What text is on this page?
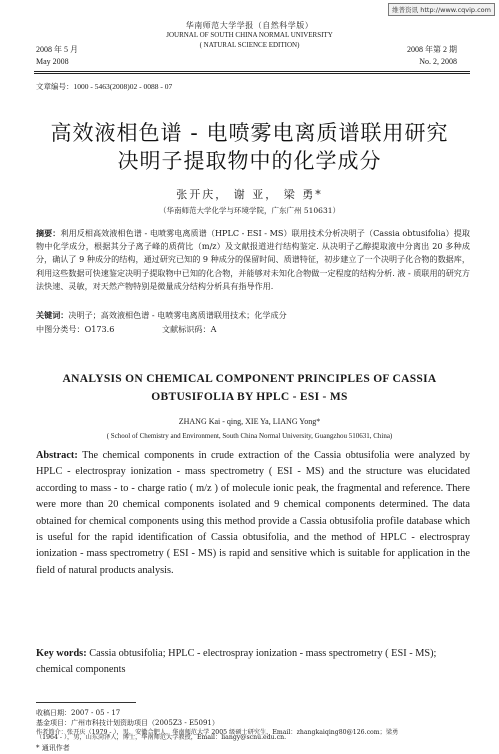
维普资讯 http://www.cqvip.com
华南师范大学学报（自然科学版）
JOURNAL OF SOUTH CHINA NORMAL UNIVERSITY
( NATURAL SCIENCE EDITION)
2008 年 5 月
May 2008
2008 年第 2 期
No. 2, 2008
文章编号：1000 - 5463(2008)02 - 0088 - 07
高效液相色谱 - 电喷雾电离质谱联用研究
决明子提取物中的化学成分
张开庆， 谢 亚， 梁 勇*
（华南师范大学化学与环境学院，广东广州 510631）
摘要：利用反相高效液相色谱 - 电喷雾电离质谱（HPLC - ESI - MS）联用技术分析决明子（Cassia obtusifolia）提取物中化学成分，根据其分子离子峰的质荷比（m/z）及文献报道进行结构鉴定. 从决明子乙醇提取液中分离出 20 多种成分，确认了 9 种成分的结构，通过研究已知的 9 种成分的保留时间、质谱特征，初步建立了一个决明子化合物的数据库，利用这些数据可快速鉴定决明子提取物中已知的化合物，并能够对未知化合物做一定程度的结构分析. 液 - 质联用的研究方法快速、灵敏，对天然产物特别是微量成分结构分析具有指导作用.
关键词：决明子；高效液相色谱 - 电喷雾电离质谱联用技术；化学成分
中图分类号：O173.6	文献标识码：A
ANALYSIS ON CHEMICAL COMPONENT PRINCIPLES OF CASSIA
OBTUSIFOLIA BY HPLC - ESI - MS
ZHANG Kai - qing, XIE Ya, LIANG Yong*
( School of Chemistry and Environment, South China Normal University, Guangzhou 510631, China)
Abstract: The chemical components in crude extraction of the Cassia obtusifolia were analyzed by HPLC - electrospray ionization - mass spectrometry ( ESI - MS) and the structure was elucidated according to mass - to - charge ratio ( m/z ) of molecule ionic peak, the fragmental and reference. There were more than 20 chemical components isolated and 9 chemical components determined. The data obtained for chemical components using this method provide a Cassia obtusifolia profile database which is useful for the rapid identification of Cassia obtusifolia, and the method of HPLC - electrospray ionization - mass spectrometry ( ESI - MS) is rapid and sensitive which is suitable for application in the field of natural products analysis.
Key words: Cassia obtusifolia; HPLC - electrospray ionization - mass spectrometry ( ESI - MS); chemical components
收稿日期：2007 - 05 - 17
基金项目：广州市科技计划资助项目（2005Z3 - E5091）
作者简介：张开庆（1979 - ），男，安徽合肥人，华南师范大学 2005 级硕士研究生，Email：zhangkaiqing80@126.com；梁勇
（1964 - ），男，山东菏泽人，博士，华南师范大学教授，Email：liangy@scnu.edu.cn.
* 通讯作者
